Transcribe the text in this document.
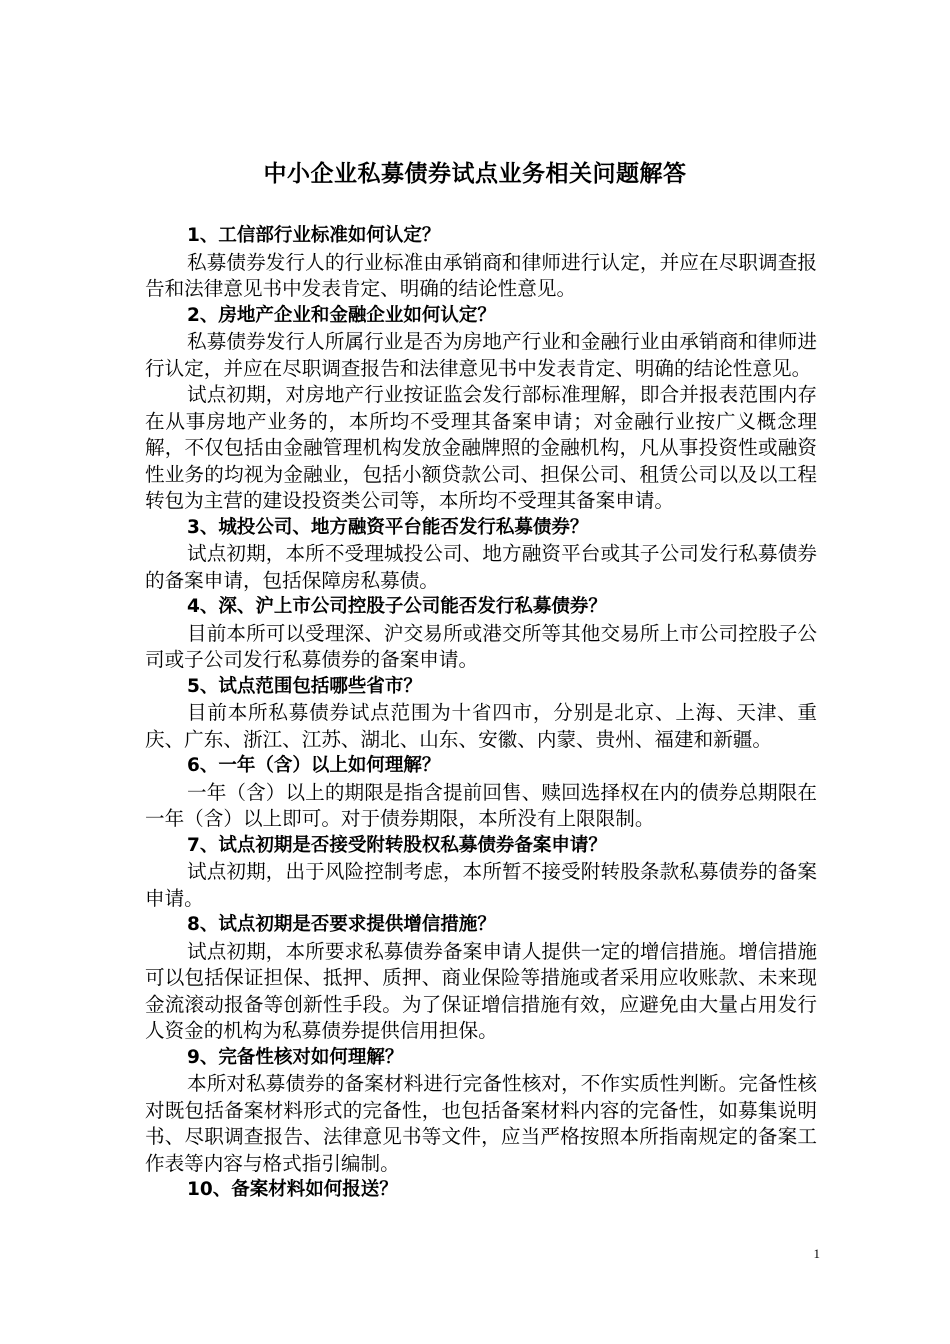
中小企业私募债券试点业务相关问题解答

1、工信部行业标准如何认定？

私募债券发行人的行业标准由承销商和律师进行认定，并应在尽职调查报告和法律意见书中发表肯定、明确的结论性意见。

2、房地产企业和金融企业如何认定？

私募债券发行人所属行业是否为房地产行业和金融行业由承销商和律师进行认定，并应在尽职调查报告和法律意见书中发表肯定、明确的结论性意见。

试点初期，对房地产行业按证监会发行部标准理解，即合并报表范围内存在从事房地产业务的，本所均不受理其备案申请；对金融行业按广义概念理解，不仅包括由金融管理机构发放金融牌照的金融机构，凡从事投资性或融资性业务的均视为金融业，包括小额贷款公司、担保公司、租赁公司以及以工程转包为主营的建设投资类公司等，本所均不受理其备案申请。

3、城投公司、地方融资平台能否发行私募债券？

试点初期，本所不受理城投公司、地方融资平台或其子公司发行私募债券的备案申请，包括保障房私募债。

4、深、沪上市公司控股子公司能否发行私募债券？

目前本所可以受理深、沪交易所或港交所等其他交易所上市公司控股子公司或子公司发行私募债券的备案申请。

5、试点范围包括哪些省市？

目前本所私募债券试点范围为十省四市，分别是北京、上海、天津、重庆、广东、浙江、江苏、湖北、山东、安徽、内蒙、贵州、福建和新疆。

6、一年（含）以上如何理解？

一年（含）以上的期限是指含提前回售、赎回选择权在内的债券总期限在一年（含）以上即可。对于债券期限，本所没有上限限制。

7、试点初期是否接受附转股权私募债券备案申请？

试点初期，出于风险控制考虑，本所暂不接受附转股条款私募债券的备案申请。

8、试点初期是否要求提供增信措施？

试点初期，本所要求私募债券备案申请人提供一定的增信措施。增信措施可以包括保证担保、抵押、质押、商业保险等措施或者采用应收账款、未来现金流滚动报备等创新性手段。为了保证增信措施有效，应避免由大量占用发行人资金的机构为私募债券提供信用担保。

9、完备性核对如何理解？

本所对私募债券的备案材料进行完备性核对，不作实质性判断。完备性核对既包括备案材料形式的完备性，也包括备案材料内容的完备性，如募集说明书、尽职调查报告、法律意见书等文件，应当严格按照本所指南规定的备案工作表等内容与格式指引编制。

10、备案材料如何报送？

1
